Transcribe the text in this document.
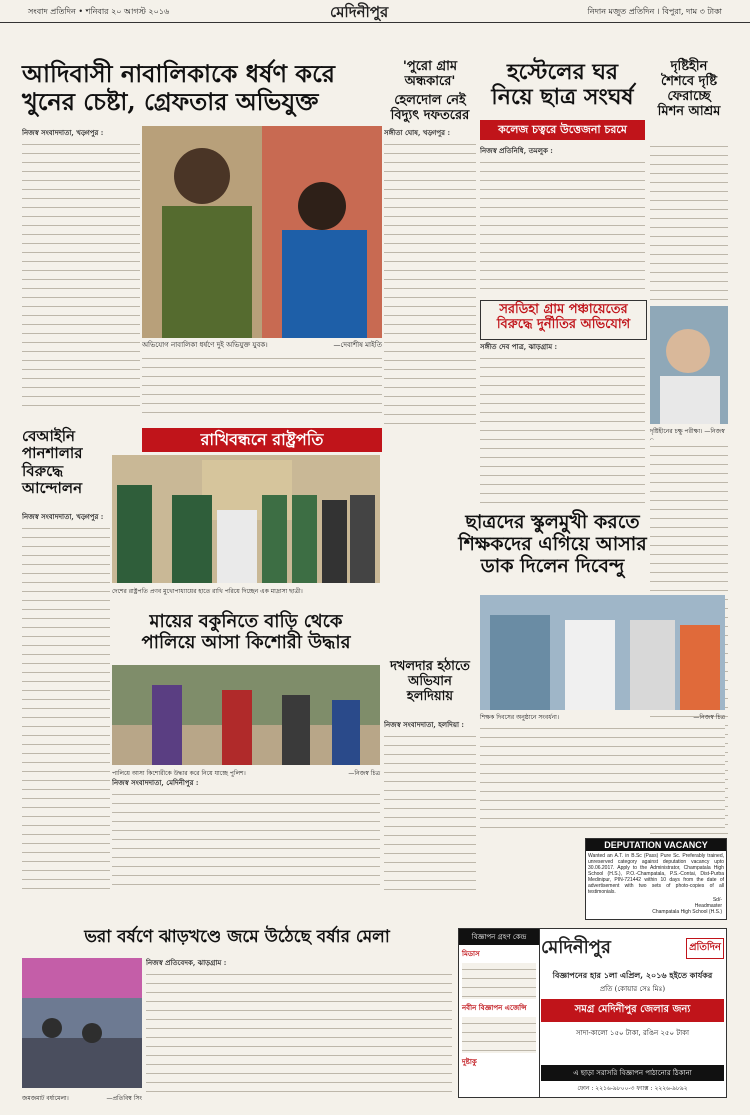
সংবাদ প্রতিদিন • শনিবার ২০ আগস্ট ২০১৬	মেদিনীপুর	নিদান মজুত প্রতিদিন । বিপুরা, দাম ৩ টাকা
আদিবাসী নাবালিকাকে ধর্ষণ করে
খুনের চেষ্টা, গ্রেফতার অভিযুক্ত
নিজস্ব সংবাদদাতা, খড়্গপুর :
অভিযোগ নাবালিকা ধর্ষণে দুই অভিযুক্ত যুবক।	—দেবাশীষ মাইতি
'পুরো গ্রাম অন্ধকারে'
হেলদোল নেই বিদ্যুৎ দফতরের
সঙ্গীতা ঘোষ, খড়্গপুর :
হস্টেলের ঘর
নিয়ে ছাত্র সংঘর্ষ
কলেজ চত্বরে উত্তেজনা চরমে
নিজস্ব প্রতিনিধি, তমলুক :
দৃষ্টিহীন
শৈশবে দৃষ্টি
ফেরাচ্ছে
মিশন আশ্রম
দৃষ্টিহীনের চক্ষু পরীক্ষা। —নিজস্ব
সরডিহা গ্রাম পঞ্চায়েতের
বিরুদ্ধে দুর্নীতির অভিযোগ
সঙ্গীত দেব পাত্র, ঝাড়গ্রাম :
বেআইনি
পানশালার
বিরুদ্ধে
আন্দোলন
নিজস্ব সংবাদদাতা, খড়্গপুর :
রাখিবন্ধনে রাষ্ট্রপতি
দেশের রাষ্ট্রপতি প্রণব মুখোপাধ্যায়ের হাতে রাখি পরিয়ে দিচ্ছেন এক মাদ্রাসা ছাত্রী।
ছাত্রদের স্কুলমুখী করতে
শিক্ষকদের এগিয়ে আসার
ডাক দিলেন দিবেন্দু
শিক্ষক দিবসের অনুষ্ঠানে সংবর্ধনা।	—নিজস্ব চিত্র
মায়ের বকুনিতে বাড়ি থেকে
পালিয়ে আসা কিশোরী উদ্ধার
পালিয়ে আসা কিশোরীকে উদ্ধার করে নিয়ে যাচ্ছে পুলিশ।	—নিজস্ব চিত্র
নিজস্ব সংবাদদাতা, মেদিনীপুর :
দখলদার হঠাতে
অভিযান
হলদিয়ায়
নিজস্ব সংবাদদাতা, হলদিয়া :
DEPUTATION VACANCY
Wanted an A.T. in B.Sc (Pass) Pure Sc. Preferably trained, unreserved category against deputation vacancy upto 30.06.2017. Apply to the Administrator, Champatala High School (H.S.), P.O.-Champatala, P.S.-Contai, Dist-Purba Medinipur, PIN-721442 within 10 days from the date of advertisement with two sets of photo-copies of all testimonials.
Sd/-
Headmaster
Champatala High School (H.S.)
ভরা বর্ষণে ঝাড়খণ্ডে জমে উঠেছে বর্ষার মেলা
জমজমাট বর্ষামেলা।	—প্রতিবিম্ব সিং
নিজস্ব প্রতিবেদক, ঝাড়গ্রাম :
বিজ্ঞাপন গ্রহণ কেন্দ্র
মিডাস
নবীন বিজ্ঞাপন এজেন্সি
দুষ্টাকু
মেদিনীপুর	প্রতিদিন
বিজ্ঞাপনের হার ১লা এপ্রিল, ২০১৬ হইতে কার্যকর
প্রতি (কোয়ার সেঃ মিঃ)
সমগ্র মেদিনীপুর জেলার জন্য
সাদা-কালো ১৫০ টাকা, রঙিন ২৫০ টাকা
এ ছাড়া সরাসরি বিজ্ঞাপন পাঠানোর ঠিকানা
ফোন : ২২১৬-৯৮০০-৩ ফ্যাক্স : ২২২৬-৯৮৯২
